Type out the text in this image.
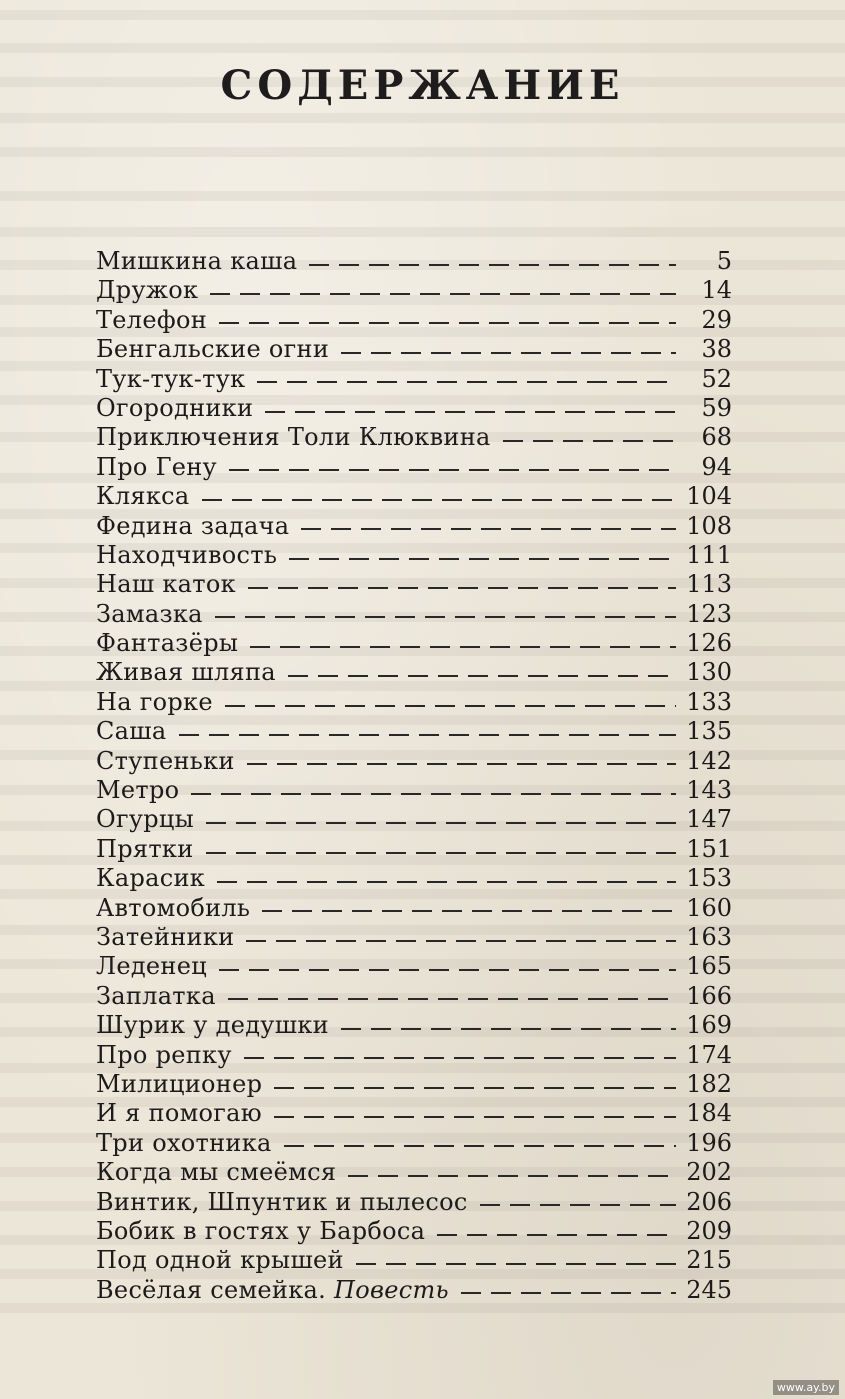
СОДЕРЖАНИЕ
Мишкина каша	5
Дружок	14
Телефон	29
Бенгальские огни	38
Тук-тук-тук	52
Огородники	59
Приключения Толи Клюквина	68
Про Гену	94
Клякса	104
Федина задача	108
Находчивость	111
Наш каток	113
Замазка	123
Фантазёры	126
Живая шляпа	130
На горке	133
Саша	135
Ступеньки	142
Метро	143
Огурцы	147
Прятки	151
Карасик	153
Автомобиль	160
Затейники	163
Леденец	165
Заплатка	166
Шурик у дедушки	169
Про репку	174
Милиционер	182
И я помогаю	184
Три охотника	196
Когда мы смеёмся	202
Винтик, Шпунтик и пылесос	206
Бобик в гостях у Барбоса	209
Под одной крышей	215
Весёлая семейка. Повесть	245
www.ay.by
